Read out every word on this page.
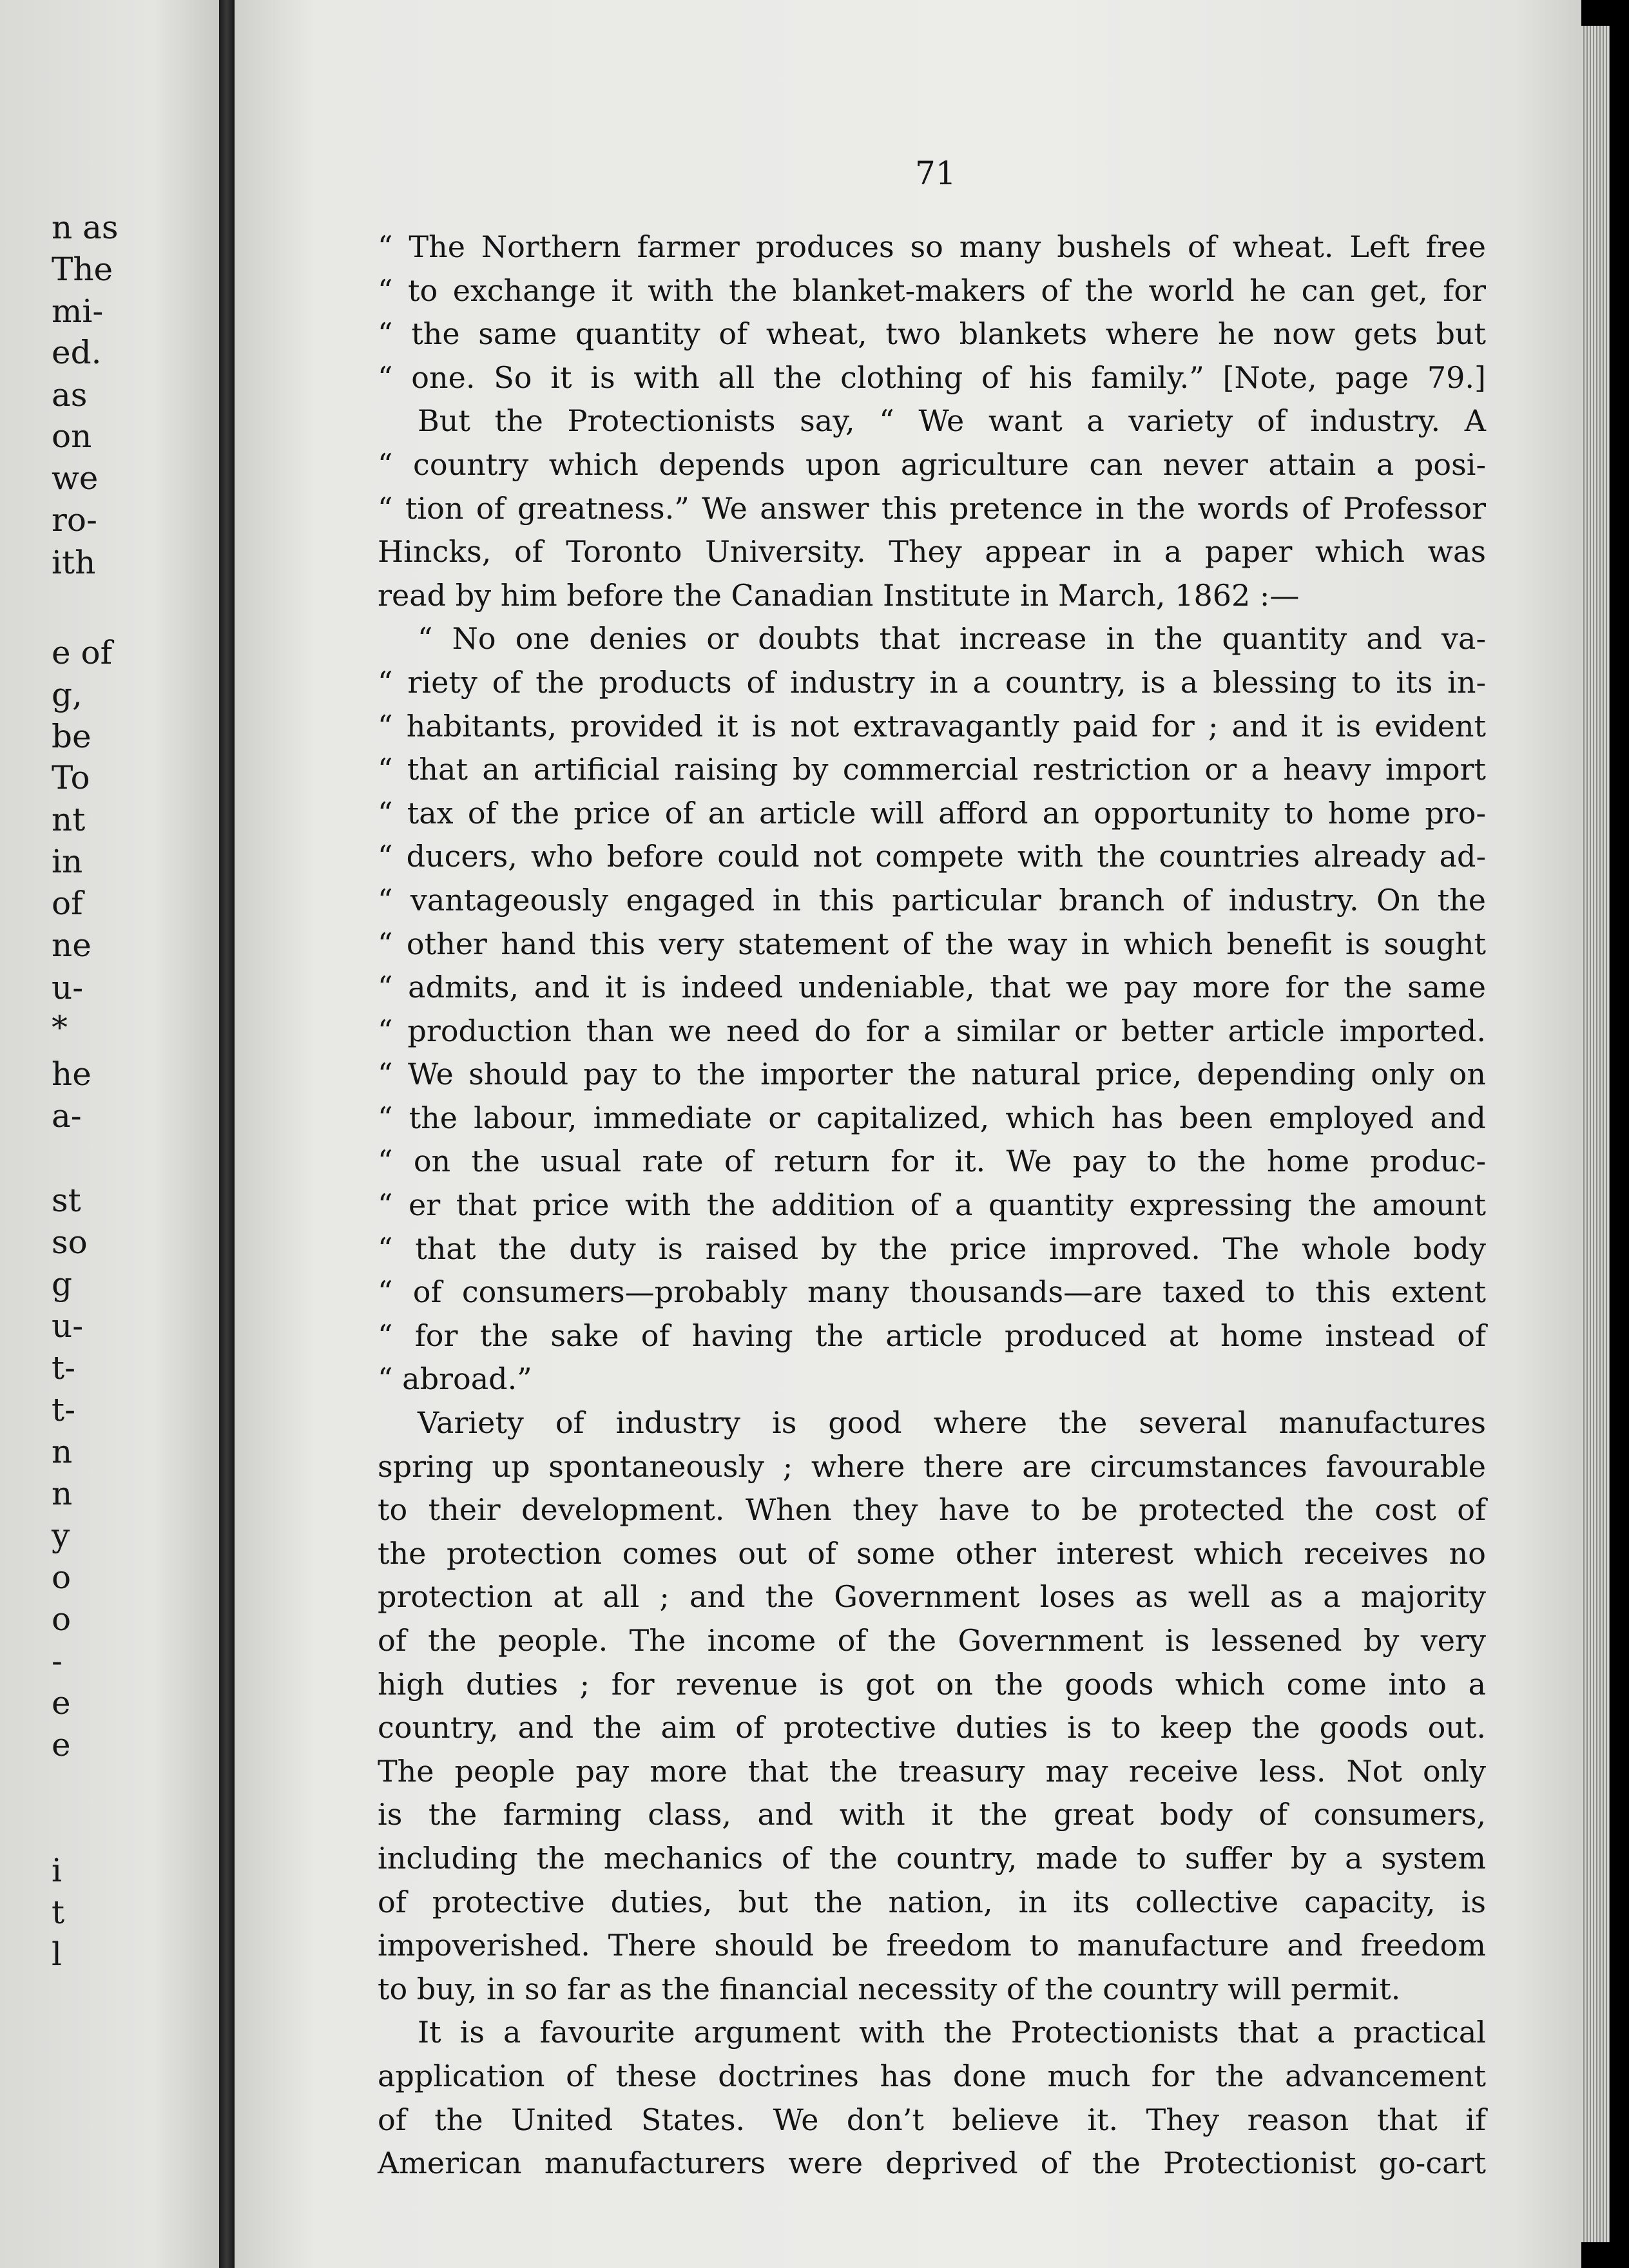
n as
The
mi-
ed.
as
on
we
ro-
ith
e of
g,
be
To
nt
in
of
ne
u-
*
he
a-
st
so
g
u-
t-
t-
n
n
y
o
o
-
e
e
i
t
l
71
“ The Northern farmer produces so many bushels of wheat. Left free
“ to exchange it with the blanket-makers of the world he can get, for
“ the same quantity of wheat, two blankets where he now gets but
“ one. So it is with all the clothing of his family.” [Note, page 79.]
But the Protectionists say, “ We want a variety of industry. A
“ country which depends upon agriculture can never attain a posi-
“ tion of greatness.” We answer this pretence in the words of Professor
Hincks, of Toronto University. They appear in a paper which was
read by him before the Canadian Institute in March, 1862 :—
“ No one denies or doubts that increase in the quantity and va-
“ riety of the products of industry in a country, is a blessing to its in-
“ habitants, provided it is not extravagantly paid for ; and it is evident
“ that an artificial raising by commercial restriction or a heavy import
“ tax of the price of an article will afford an opportunity to home pro-
“ ducers, who before could not compete with the countries already ad-
“ vantageously engaged in this particular branch of industry. On the
“ other hand this very statement of the way in which benefit is sought
“ admits, and it is indeed undeniable, that we pay more for the same
“ production than we need do for a similar or better article imported.
“ We should pay to the importer the natural price, depending only on
“ the labour, immediate or capitalized, which has been employed and
“ on the usual rate of return for it. We pay to the home produc-
“ er that price with the addition of a quantity expressing the amount
“ that the duty is raised by the price improved. The whole body
“ of consumers—probably many thousands—are taxed to this extent
“ for the sake of having the article produced at home instead of
“ abroad.”
Variety of industry is good where the several manufactures
spring up spontaneously ; where there are circumstances favourable
to their development. When they have to be protected the cost of
the protection comes out of some other interest which receives no
protection at all ; and the Government loses as well as a majority
of the people. The income of the Government is lessened by very
high duties ; for revenue is got on the goods which come into a
country, and the aim of protective duties is to keep the goods out.
The people pay more that the treasury may receive less. Not only
is the farming class, and with it the great body of consumers,
including the mechanics of the country, made to suffer by a system
of protective duties, but the nation, in its collective capacity, is
impoverished. There should be freedom to manufacture and freedom
to buy, in so far as the financial necessity of the country will permit.
It is a favourite argument with the Protectionists that a practical
application of these doctrines has done much for the advancement
of the United States. We don’t believe it. They reason that if
American manufacturers were deprived of the Protectionist go-cart
